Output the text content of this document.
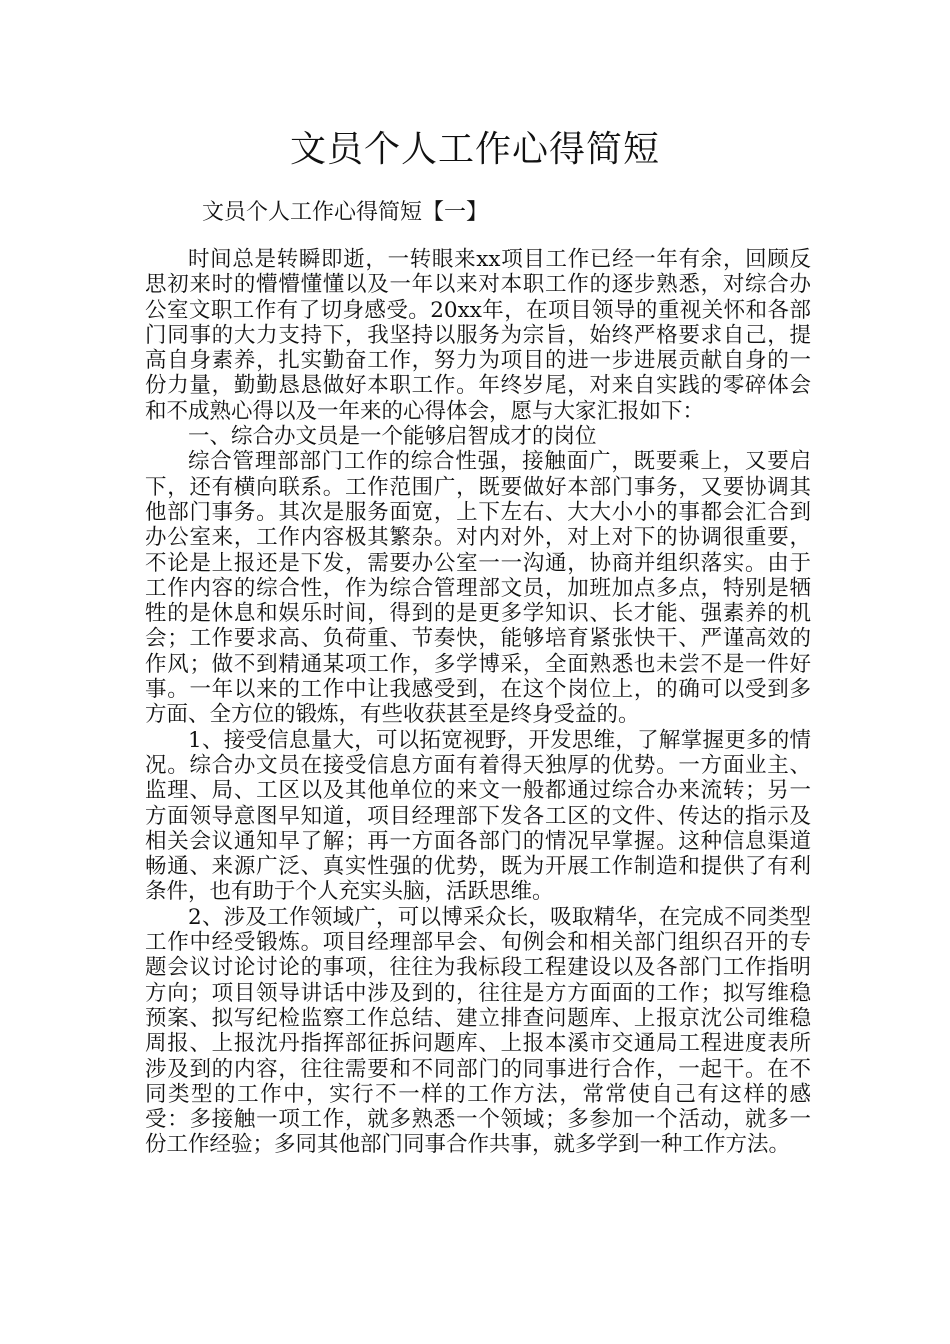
文员个人工作心得简短
文员个人工作心得简短【一】

时间总是转瞬即逝，一转眼来xx项目工作已经一年有余，回顾反思初来时的懵懵懂懂以及一年以来对本职工作的逐步熟悉，对综合办公室文职工作有了切身感受。20xx年，在项目领导的重视关怀和各部门同事的大力支持下，我坚持以服务为宗旨，始终严格要求自己，提高自身素养，扎实勤奋工作，努力为项目的进一步进展贡献自身的一份力量，勤勤恳恳做好本职工作。年终岁尾，对来自实践的零碎体会和不成熟心得以及一年来的心得体会，愿与大家汇报如下：

一、综合办文员是一个能够启智成才的岗位

综合管理部部门工作的综合性强，接触面广，既要乘上，又要启下，还有横向联系。工作范围广，既要做好本部门事务，又要协调其他部门事务。其次是服务面宽，上下左右、大大小小的事都会汇合到办公室来，工作内容极其繁杂。对内对外，对上对下的协调很重要，不论是上报还是下发，需要办公室一一沟通，协商并组织落实。由于工作内容的综合性，作为综合管理部文员，加班加点多点，特别是牺牲的是休息和娱乐时间，得到的是更多学知识、长才能、强素养的机会；工作要求高、负荷重、节奏快，能够培育紧张快干、严谨高效的作风；做不到精通某项工作，多学博采，全面熟悉也未尝不是一件好事。一年以来的工作中让我感受到，在这个岗位上，的确可以受到多方面、全方位的锻炼，有些收获甚至是终身受益的。

1、接受信息量大，可以拓宽视野，开发思维，了解掌握更多的情况。综合办文员在接受信息方面有着得天独厚的优势。一方面业主、监理、局、工区以及其他单位的来文一般都通过综合办来流转；另一方面领导意图早知道，项目经理部下发各工区的文件、传达的指示及相关会议通知早了解；再一方面各部门的情况早掌握。这种信息渠道畅通、来源广泛、真实性强的优势，既为开展工作制造和提供了有利条件，也有助于个人充实头脑，活跃思维。

2、涉及工作领域广，可以博采众长，吸取精华，在完成不同类型工作中经受锻炼。项目经理部早会、旬例会和相关部门组织召开的专题会议讨论讨论的事项，往往为我标段工程建设以及各部门工作指明方向；项目领导讲话中涉及到的，往往是方方面面的工作；拟写维稳预案、拟写纪检监察工作总结、建立排查问题库、上报京沈公司维稳周报、上报沈丹指挥部征拆问题库、上报本溪市交通局工程进度表所涉及到的内容，往往需要和不同部门的同事进行合作，一起干。在不同类型的工作中，实行不一样的工作方法，常常使自己有这样的感受：多接触一项工作，就多熟悉一个领域；多参加一个活动，就多一份工作经验；多同其他部门同事合作共事，就多学到一种工作方法。
